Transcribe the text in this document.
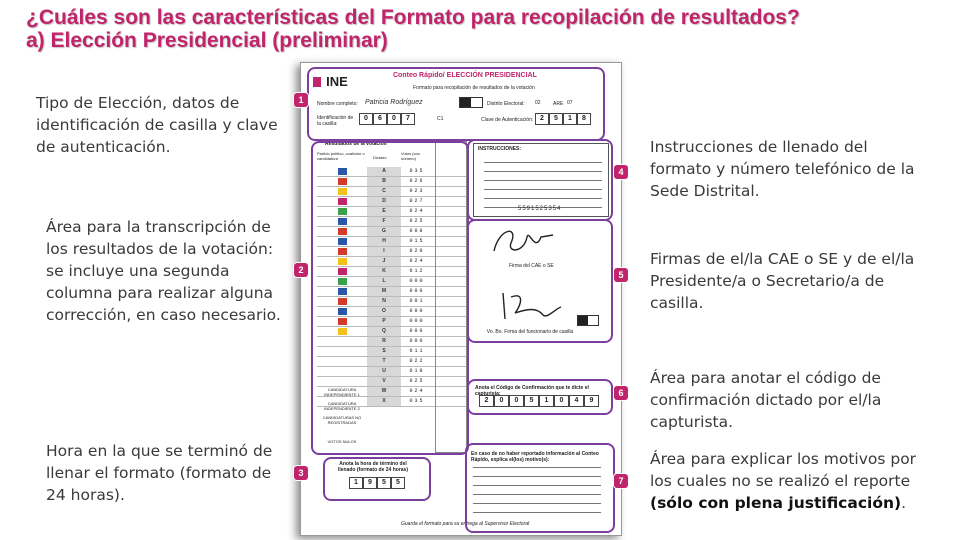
¿Cuáles son las características del Formato para recopilación de resultados?
a) Elección Presidencial (preliminar)
Tipo de Elección, datos de identificación de casilla y clave de autenticación.
Área para la transcripción de los resultados de la votación: se incluye una segunda columna para realizar alguna corrección, en caso necesario.
Hora en la que se terminó de llenar el formato (formato de 24 horas).
Instrucciones de llenado del formato y número telefónico de la Sede Distrital.
Firmas de el/la CAE o SE y de el/la Presidente/a o Secretario/a de casilla.
Área para anotar el código de confirmación dictado por el/la capturista.
Área para explicar los motivos por los cuales no se realizó el reporte (sólo con plena justificación).
INE	Conteo Rápido/ ELECCIÓN PRESIDENCIAL
Formato para recopilación de resultados de la votación
Nombre completo: Patricia Rodríguez	Distrito Electoral: 02 ARE 07
Identificación de la casilla:
0	6	0	7	C1	Clave de Autenticación: 2	5	1	8
Resultados de la votación
Partido político, coalición o candidatura	Dictado
Votos (con número)
A	035
B	026
C	023
D	027
E	024
F	025
G	008
H	015
I	020
J	024
K	012
L	000
M	000
N	001
O	000
P	000
Q	000
R	000
S	011
T	022
U	019
V	025
W	024
X	035
CANDIDATURA INDEPENDIENTE 1
CANDIDATURA INDEPENDIENTE 2
CANDIDATURAS NO REGISTRADAS
VOTOS NULOS
INSTRUCCIONES:
5591525354
Firma del CAE o SE
Vo. Bo. Firma del funcionario de casilla
Anota el Código de Confirmación que te dicte el capturista:
2	0	0	5	1	0	4	9
Anota la hora de término del llenado (formato de 24 horas)
1	9	5	5
En caso de no haber reportado información al Conteo Rápido, explica el(los) motivo(s):
Guarda el formato para su entrega al Supervisor Electoral
1
2
3
4
5
6
7
